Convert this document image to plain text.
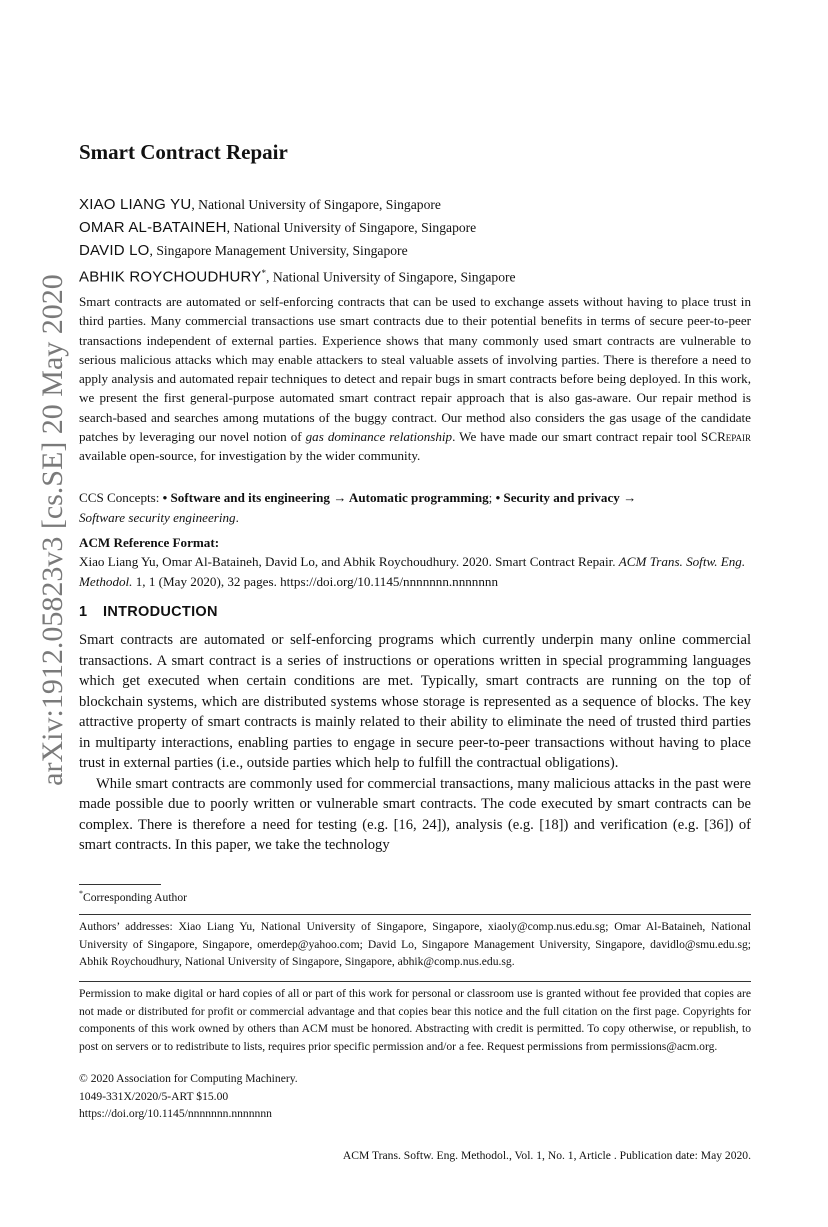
arXiv:1912.05823v3 [cs.SE] 20 May 2020
Smart Contract Repair
XIAO LIANG YU, National University of Singapore, Singapore
OMAR AL-BATAINEH, National University of Singapore, Singapore
DAVID LO, Singapore Management University, Singapore
ABHIK ROYCHOUDHURY*, National University of Singapore, Singapore

Smart contracts are automated or self-enforcing contracts that can be used to exchange assets without having to place trust in third parties. Many commercial transactions use smart contracts due to their potential benefits in terms of secure peer-to-peer transactions independent of external parties. Experience shows that many commonly used smart contracts are vulnerable to serious malicious attacks which may enable attackers to steal valuable assets of involving parties. There is therefore a need to apply analysis and automated repair techniques to detect and repair bugs in smart contracts before being deployed. In this work, we present the first general-purpose automated smart contract repair approach that is also gas-aware. Our repair method is search-based and searches among mutations of the buggy contract. Our method also considers the gas usage of the candidate patches by leveraging our novel notion of gas dominance relationship. We have made our smart contract repair tool SCRepair available open-source, for investigation by the wider community.

CCS Concepts: • Software and its engineering → Automatic programming; • Security and privacy →
Software security engineering.

ACM Reference Format:

Xiao Liang Yu, Omar Al-Bataineh, David Lo, and Abhik Roychoudhury. 2020. Smart Contract Repair. ACM Trans. Softw. Eng. Methodol. 1, 1 (May 2020), 32 pages. https://doi.org/10.1145/nnnnnnn.nnnnnnn

1 INTRODUCTION

Smart contracts are automated or self-enforcing programs which currently underpin many online commercial transactions. A smart contract is a series of instructions or operations written in special programming languages which get executed when certain conditions are met. Typically, smart contracts are running on the top of blockchain systems, which are distributed systems whose storage is represented as a sequence of blocks. The key attractive property of smart contracts is mainly related to their ability to eliminate the need of trusted third parties in multiparty interactions, enabling parties to engage in secure peer-to-peer transactions without having to place trust in external parties (i.e., outside parties which help to fulfill the contractual obligations).

While smart contracts are commonly used for commercial transactions, many malicious attacks in the past were made possible due to poorly written or vulnerable smart contracts. The code executed by smart contracts can be complex. There is therefore a need for testing (e.g. [16, 24]), analysis (e.g. [18]) and verification (e.g. [36]) of smart contracts. In this paper, we take the technology

*Corresponding Author

Authors’ addresses: Xiao Liang Yu, National University of Singapore, Singapore, xiaoly@comp.nus.edu.sg; Omar Al-Bataineh, National University of Singapore, Singapore, omerdep@yahoo.com; David Lo, Singapore Management University, Singapore, davidlo@smu.edu.sg; Abhik Roychoudhury, National University of Singapore, Singapore, abhik@comp.nus.edu.sg.

Permission to make digital or hard copies of all or part of this work for personal or classroom use is granted without fee provided that copies are not made or distributed for profit or commercial advantage and that copies bear this notice and the full citation on the first page. Copyrights for components of this work owned by others than ACM must be honored. Abstracting with credit is permitted. To copy otherwise, or republish, to post on servers or to redistribute to lists, requires prior specific permission and/or a fee. Request permissions from permissions@acm.org.

© 2020 Association for Computing Machinery.

1049-331X/2020/5-ART $15.00

https://doi.org/10.1145/nnnnnnn.nnnnnnn

ACM Trans. Softw. Eng. Methodol., Vol. 1, No. 1, Article . Publication date: May 2020.
